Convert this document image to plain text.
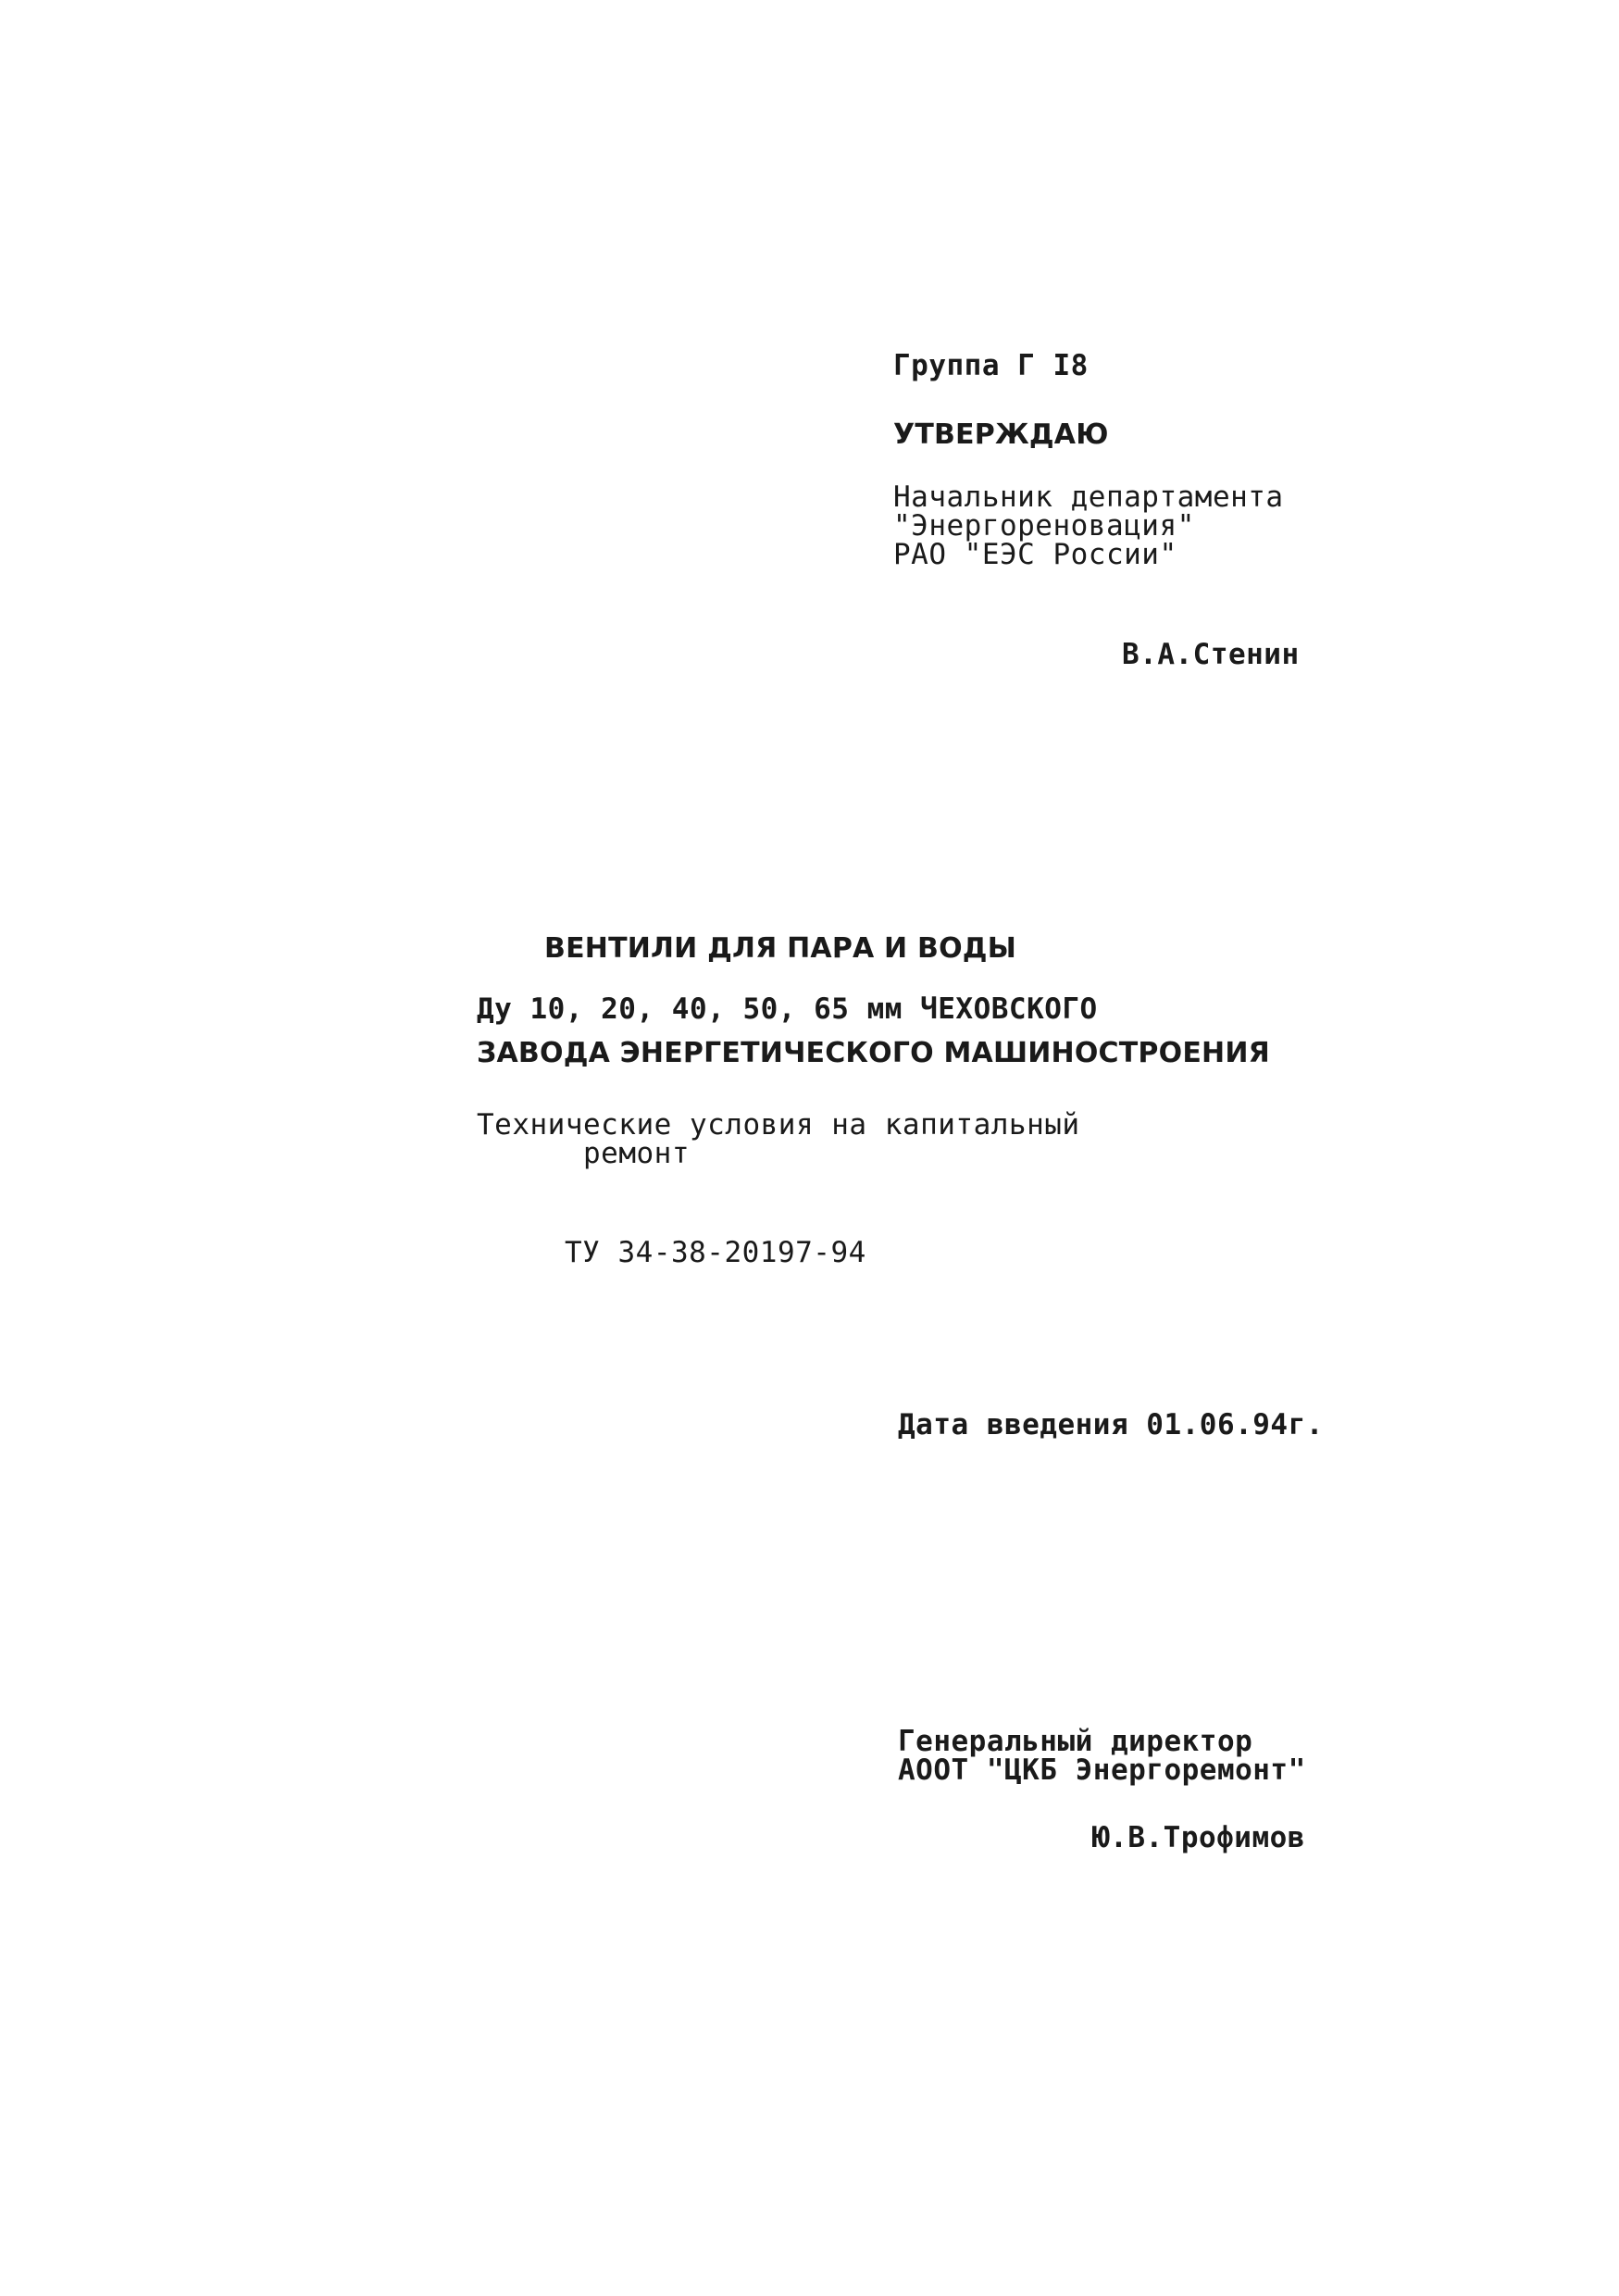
Группа Г I8
УТВЕРЖДАЮ
Начальник департамента
"Энергореновация"
РАО "ЕЭС России"
В.А.Стенин
ВЕНТИЛИ ДЛЯ ПАРА И ВОДЫ
Ду 10, 20, 40, 50, 65 мм ЧЕХОВСКОГО
ЗАВОДА ЭНЕРГЕТИЧЕСКОГО МАШИНОСТРОЕНИЯ
Технические условия на капитальный
ремонт
ТУ 34-38-20197-94
Дата введения 01.06.94г.
Генеральный директор
АООТ "ЦКБ Энергоремонт"
Ю.В.Трофимов
